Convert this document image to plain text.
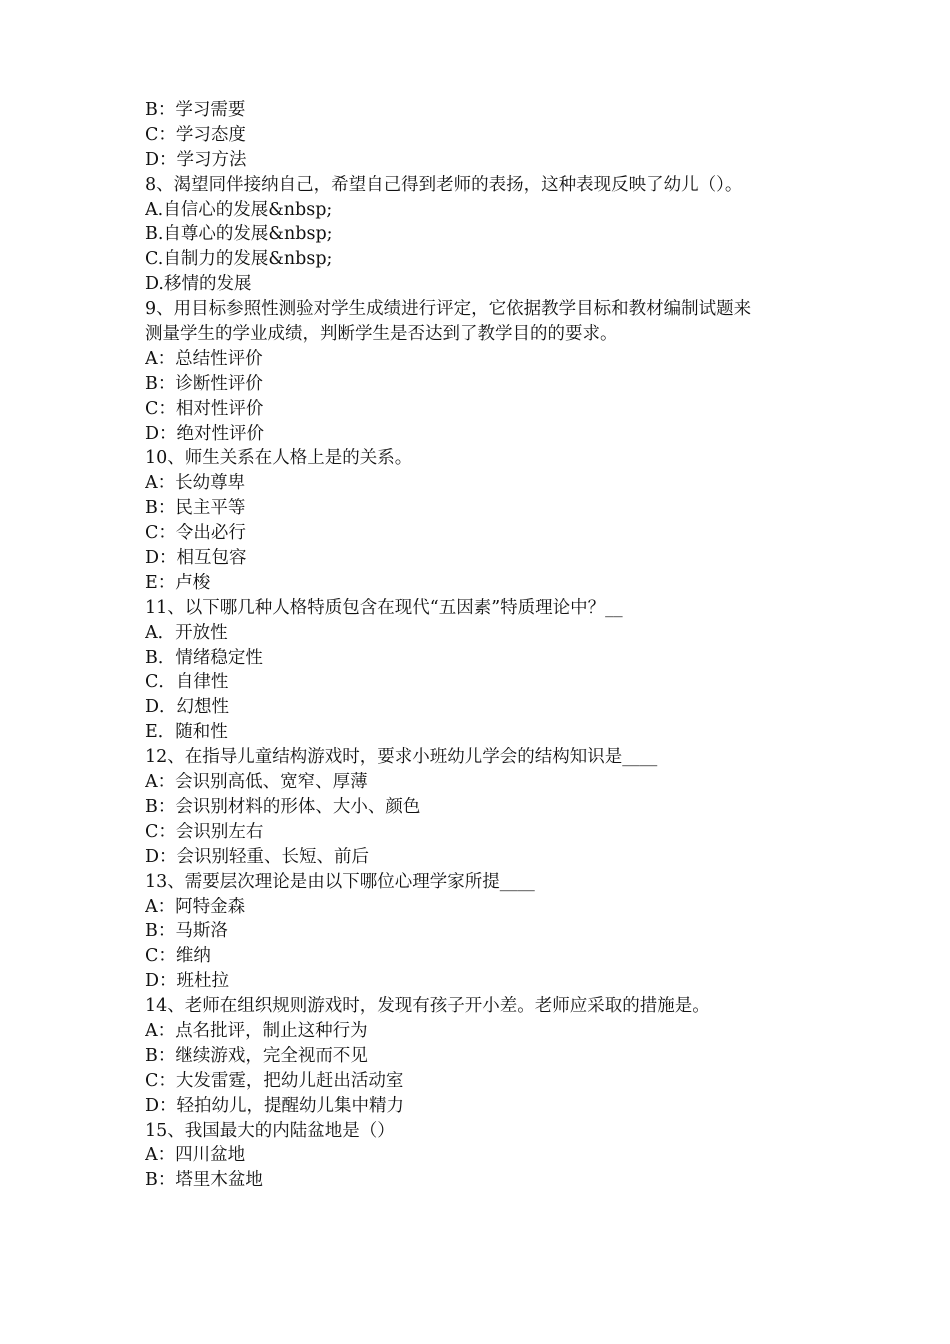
B：学习需要
C：学习态度
D：学习方法
8、渴望同伴接纳自己，希望自己得到老师的表扬，这种表现反映了幼儿（）。
A.自信心的发展&nbsp;
B.自尊心的发展&nbsp;
C.自制力的发展&nbsp;
D.移情的发展
9、用目标参照性测验对学生成绩进行评定，它依据教学目标和教材编制试题来
测量学生的学业成绩，判断学生是否达到了教学目的的要求。
A：总结性评价
B：诊断性评价
C：相对性评价
D：绝对性评价
10、师生关系在人格上是的关系。
A：长幼尊卑
B：民主平等
C：令出必行
D：相互包容
E：卢梭
11、以下哪几种人格特质包含在现代“五因素”特质理论中？__
A．开放性
B．情绪稳定性
C．自律性
D．幻想性
E．随和性
12、在指导儿童结构游戏时，要求小班幼儿学会的结构知识是____
A：会识别高低、宽窄、厚薄
B：会识别材料的形体、大小、颜色
C：会识别左右
D：会识别轻重、长短、前后
13、需要层次理论是由以下哪位心理学家所提____
A：阿特金森
B：马斯洛
C：维纳
D：班杜拉
14、老师在组织规则游戏时，发现有孩子开小差。老师应采取的措施是。
A：点名批评，制止这种行为
B：继续游戏，完全视而不见
C：大发雷霆，把幼儿赶出活动室
D：轻拍幼儿，提醒幼儿集中精力
15、我国最大的内陆盆地是（）
A：四川盆地
B：塔里木盆地
